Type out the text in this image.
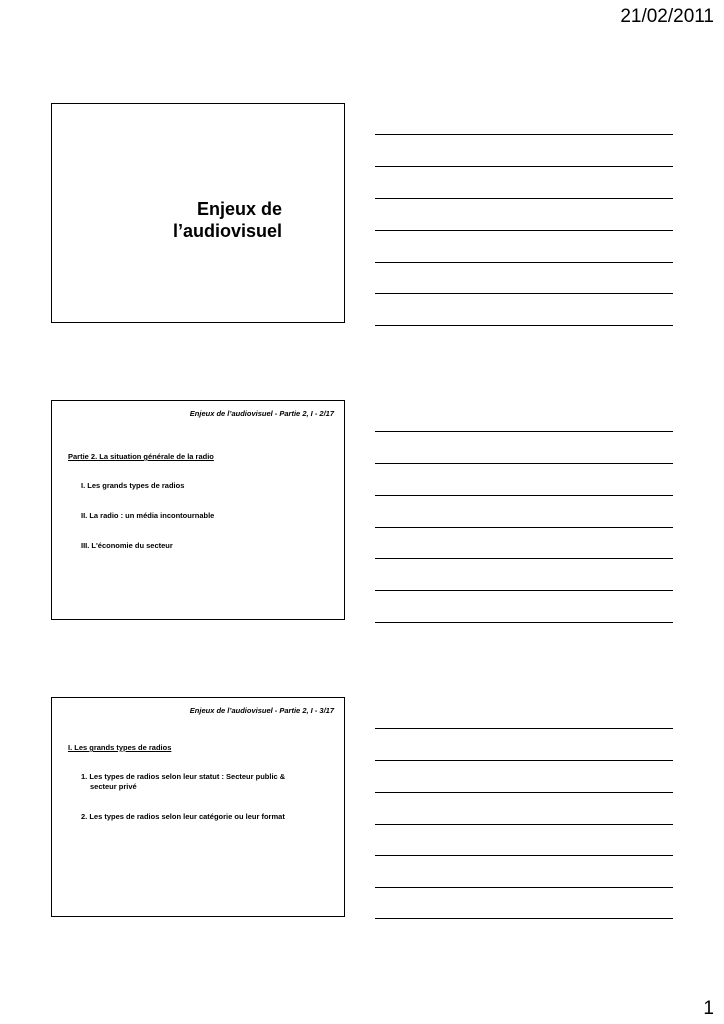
21/02/2011
Enjeux de
l’audiovisuel
Enjeux de l’audiovisuel - Partie 2, I - 2/17
Partie 2. La situation générale de la radio
I. Les grands types de radios
II. La radio : un média incontournable
III. L'économie du secteur
Enjeux de l’audiovisuel - Partie 2, I - 3/17
I. Les grands types de radios
1. Les types de radios selon leur statut : Secteur public &
secteur privé
2. Les types de radios selon leur catégorie ou leur format
1
